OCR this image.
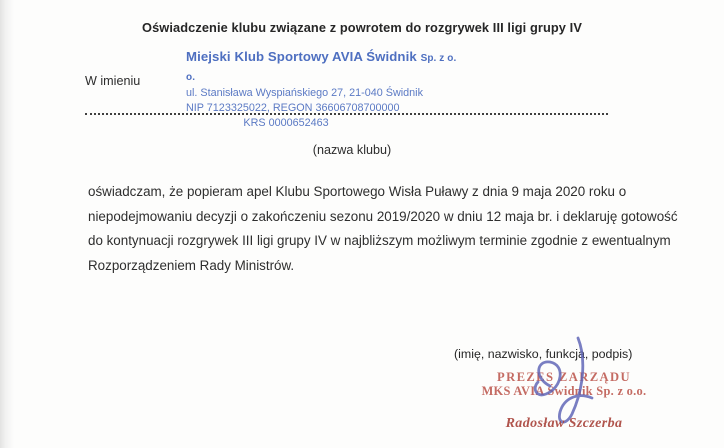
Oświadczenie klubu związane z powrotem do rozgrywek III ligi grupy IV
W imieniu
Miejski Klub Sportowy AVIA Świdnik Sp. z o. o.
ul. Stanisława Wyspiańskiego 27, 21-040 Świdnik
NIP 7123325022, REGON 36606708700000
KRS 0000652463
(nazwa klubu)
oświadczam, że popieram apel Klubu Sportowego Wisła Puławy z dnia 9 maja 2020 roku o
niepodejmowaniu decyzji o zakończeniu sezonu 2019/2020 w dniu 12 maja br. i deklaruję gotowość
do kontynuacji rozgrywek III ligi grupy IV w najbliższym możliwym terminie zgodnie z ewentualnym
Rozporządzeniem Rady Ministrów.
(imię, nazwisko, funkcja, podpis)
PREZES ZARZĄDU
MKS AVIA Świdnik Sp. z o.o.
Radosław Szczerba
